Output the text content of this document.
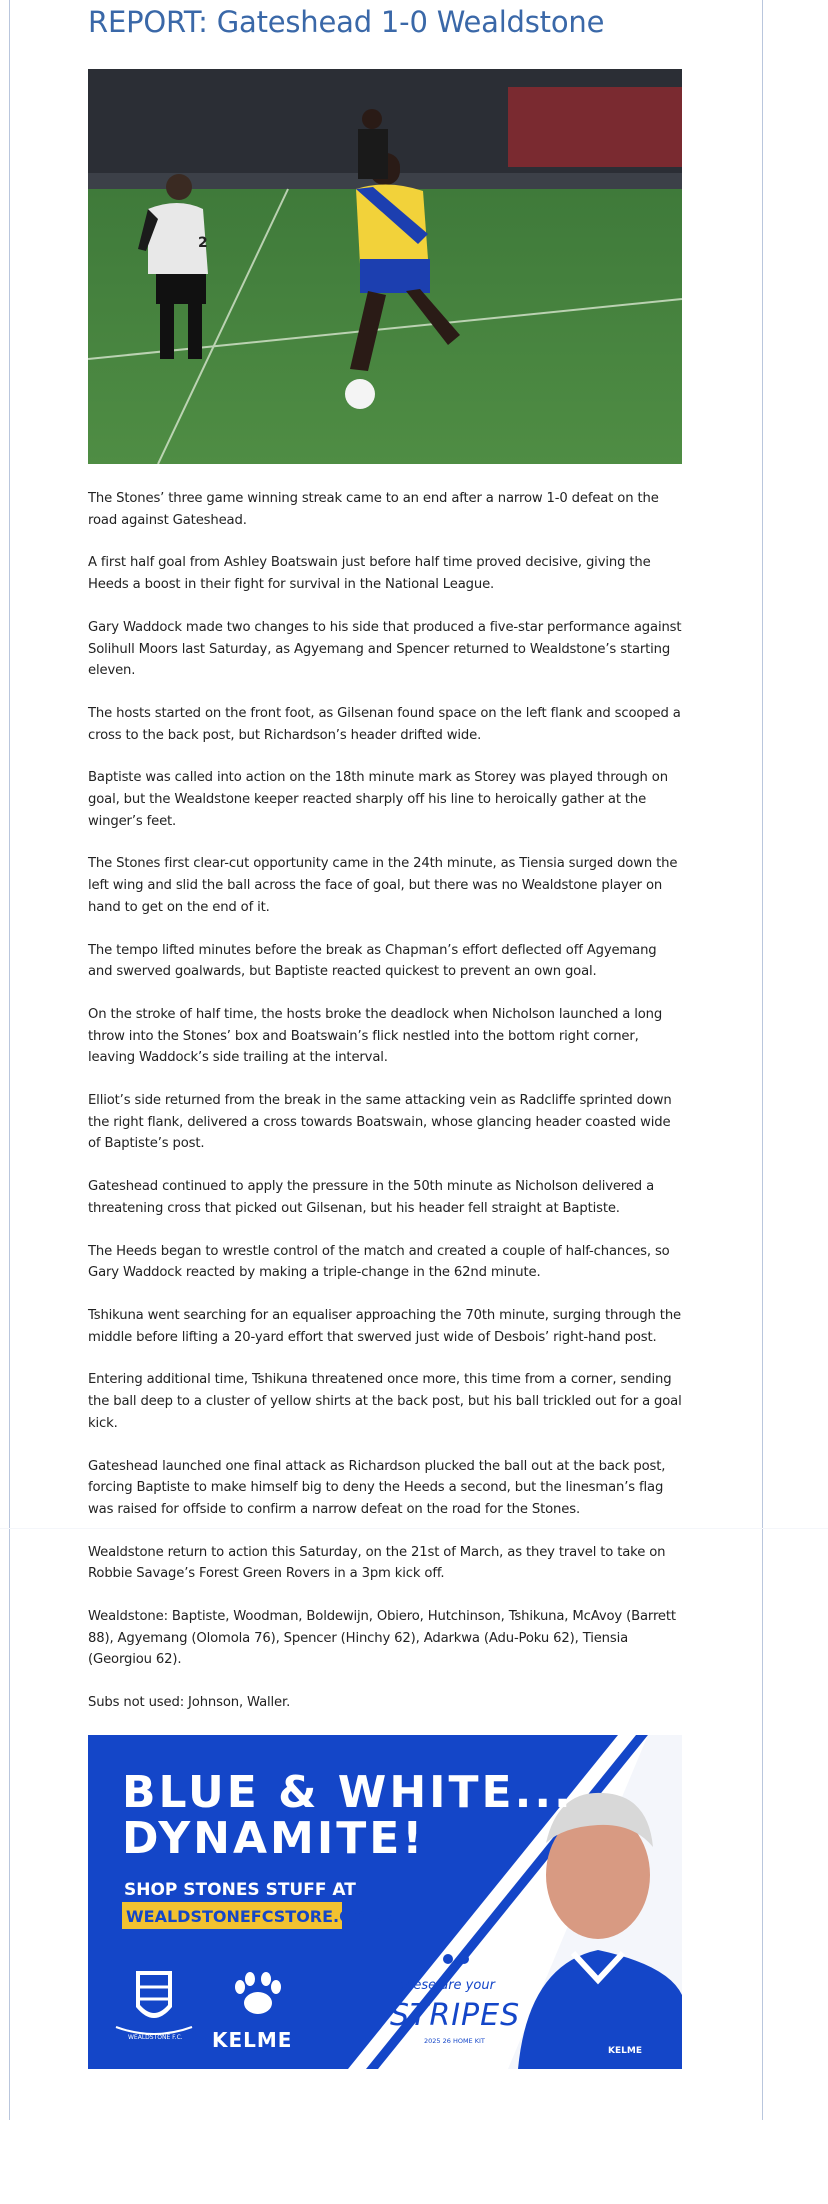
REPORT: Gateshead 1-0 Wealdstone
2

The Stones’ three game winning streak came to an end after a narrow 1-0 defeat on the road against Gateshead.

A first half goal from Ashley Boatswain just before half time proved decisive, giving the Heeds a boost in their fight for survival in the National League.

Gary Waddock made two changes to his side that produced a five-star performance against Solihull Moors last Saturday, as Agyemang and Spencer returned to Wealdstone’s starting eleven.

The hosts started on the front foot, as Gilsenan found space on the left flank and scooped a cross to the back post, but Richardson’s header drifted wide.

Baptiste was called into action on the 18th minute mark as Storey was played through on goal, but the Wealdstone keeper reacted sharply off his line to heroically gather at the winger’s feet.

The Stones first clear-cut opportunity came in the 24th minute, as Tiensia surged down the left wing and slid the ball across the face of goal, but there was no Wealdstone player on hand to get on the end of it.

The tempo lifted minutes before the break as Chapman’s effort deflected off Agyemang and swerved goalwards, but Baptiste reacted quickest to prevent an own goal.

On the stroke of half time, the hosts broke the deadlock when Nicholson launched a long throw into the Stones’ box and Boatswain’s flick nestled into the bottom right corner, leaving Waddock’s side trailing at the interval.

Elliot’s side returned from the break in the same attacking vein as Radcliffe sprinted down the right flank, delivered a cross towards Boatswain, whose glancing header coasted wide of Baptiste’s post.

Gateshead continued to apply the pressure in the 50th minute as Nicholson delivered a threatening cross that picked out Gilsenan, but his header fell straight at Baptiste.

The Heeds began to wrestle control of the match and created a couple of half-chances, so Gary Waddock reacted by making a triple-change in the 62nd minute.

Tshikuna went searching for an equaliser approaching the 70th minute, surging through the middle before lifting a 20-yard effort that swerved just wide of Desbois’ right-hand post.

Entering additional time, Tshikuna threatened once more, this time from a corner, sending the ball deep to a cluster of yellow shirts at the back post, but his ball trickled out for a goal kick.

Gateshead launched one final attack as Richardson plucked the ball out at the back post, forcing Baptiste to make himself big to deny the Heeds a second, but the linesman’s flag was raised for offside to confirm a narrow defeat on the road for the Stones.

Wealdstone return to action this Saturday, on the 21st of March, as they travel to take on Robbie Savage’s Forest Green Rovers in a 3pm kick off.

Wealdstone: Baptiste, Woodman, Boldewijn, Obiero, Hutchinson, Tshikuna, McAvoy (Barrett 88), Agyemang (Olomola 76), Spencer (Hinchy 62), Adarkwa (Adu-Poku 62), Tiensia (Georgiou 62).

Subs not used: Johnson, Waller.

KELME
BLUE & WHITE...
DYNAMITE!
SHOP STONES STUFF AT
WEALDSTONEFCSTORE.CO.UK
WEALDSTONE F.C. KELME
these are your
STRIPES
2025 26 HOME KIT
